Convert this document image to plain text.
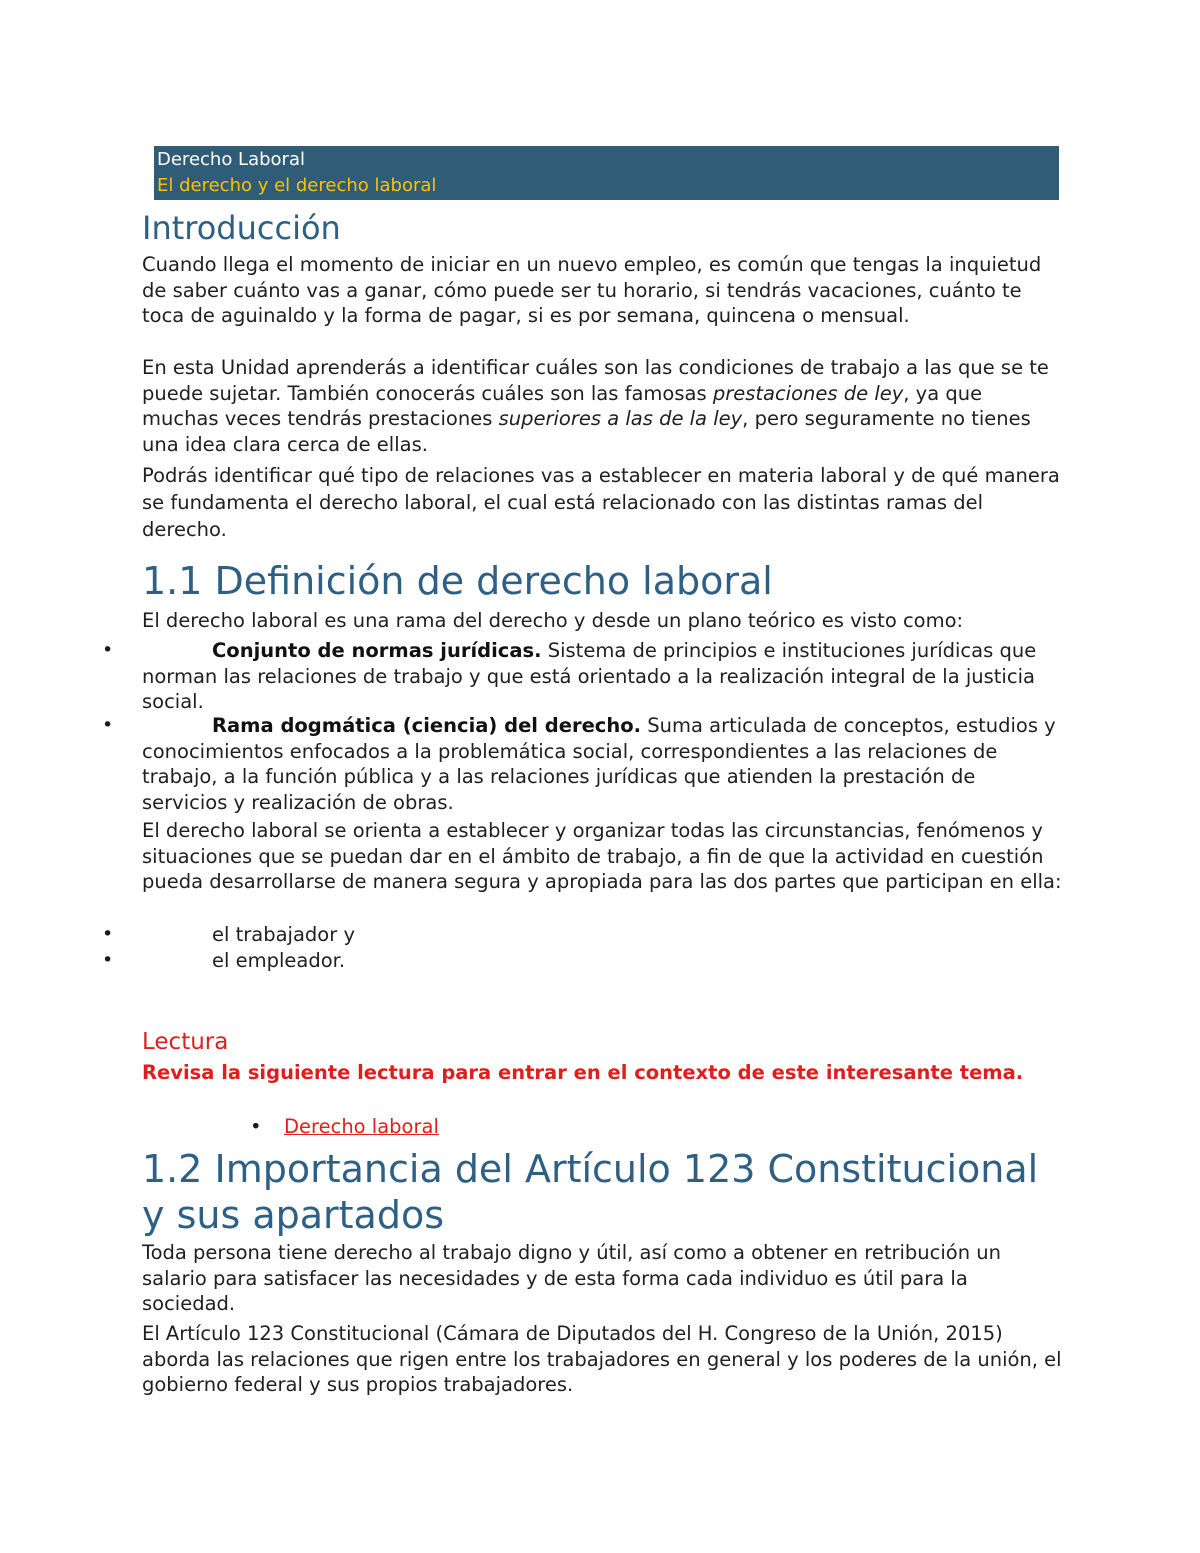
Derecho Laboral
El derecho y el derecho laboral
Introducción

Cuando llega el momento de iniciar en un nuevo empleo, es común que tengas la inquietud de saber cuánto vas a ganar, cómo puede ser tu horario, si tendrás vacaciones, cuánto te toca de aguinaldo y la forma de pagar, si es por semana, quincena o mensual.

En esta Unidad aprenderás a identificar cuáles son las condiciones de trabajo a las que se te puede sujetar. También conocerás cuáles son las famosas prestaciones de ley, ya que muchas veces tendrás prestaciones superiores a las de la ley, pero seguramente no tienes una idea clara cerca de ellas.

Podrás identificar qué tipo de relaciones vas a establecer en materia laboral y de qué manera se fundamenta el derecho laboral, el cual está relacionado con las distintas ramas del derecho.

1.1 Definición de derecho laboral

El derecho laboral es una rama del derecho y desde un plano teórico es visto como:

•	Conjunto de normas jurídicas. Sistema de principios e instituciones jurídicas que norman las relaciones de trabajo y que está orientado a la realización integral de la justicia social.
•	Rama dogmática (ciencia) del derecho. Suma articulada de conceptos, estudios y conocimientos enfocados a la problemática social, correspondientes a las relaciones de trabajo, a la función pública y a las relaciones jurídicas que atienden la prestación de servicios y realización de obras.

El derecho laboral se orienta a establecer y organizar todas las circunstancias, fenómenos y situaciones que se puedan dar en el ámbito de trabajo, a fin de que la actividad en cuestión pueda desarrollarse de manera segura y apropiada para las dos partes que participan en ella:

•	el trabajador y
•	el empleador.
Lectura
Revisa la siguiente lectura para entrar en el contexto de este interesante tema.
• Derecho laboral
1.2 Importancia del Artículo 123 Constitucional y sus apartados

Toda persona tiene derecho al trabajo digno y útil, así como a obtener en retribución un salario para satisfacer las necesidades y de esta forma cada individuo es útil para la sociedad.

El Artículo 123 Constitucional (Cámara de Diputados del H. Congreso de la Unión, 2015) aborda las relaciones que rigen entre los trabajadores en general y los poderes de la unión, el gobierno federal y sus propios trabajadores.
